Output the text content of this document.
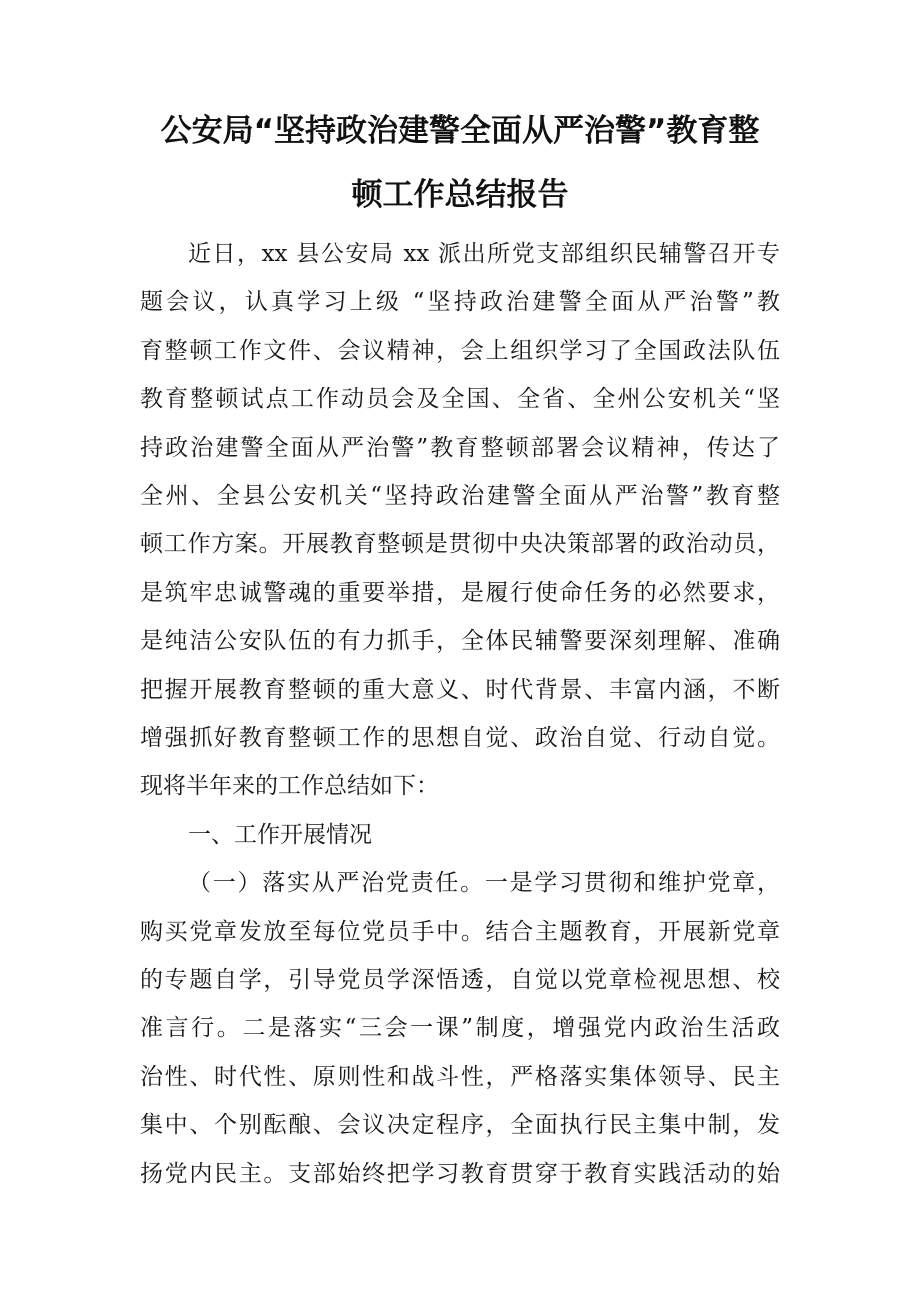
公安局“坚持政治建警全面从严治警”教育整
顿工作总结报告
近日，xx 县公安局 xx 派出所党支部组织民辅警召开专
题会议，认真学习上级 “坚持政治建警全面从严治警”教
育整顿工作文件、会议精神，会上组织学习了全国政法队伍
教育整顿试点工作动员会及全国、全省、全州公安机关“坚
持政治建警全面从严治警”教育整顿部署会议精神，传达了
全州、全县公安机关“坚持政治建警全面从严治警”教育整
顿工作方案。开展教育整顿是贯彻中央决策部署的政治动员，
是筑牢忠诚警魂的重要举措，是履行使命任务的必然要求，
是纯洁公安队伍的有力抓手，全体民辅警要深刻理解、准确
把握开展教育整顿的重大意义、时代背景、丰富内涵，不断
增强抓好教育整顿工作的思想自觉、政治自觉、行动自觉。
现将半年来的工作总结如下：
一、工作开展情况
（一）落实从严治党责任。一是学习贯彻和维护党章，
购买党章发放至每位党员手中。结合主题教育，开展新党章
的专题自学，引导党员学深悟透，自觉以党章检视思想、校
准言行。二是落实“三会一课”制度，增强党内政治生活政
治性、时代性、原则性和战斗性，严格落实集体领导、民主
集中、个别酝酿、会议决定程序，全面执行民主集中制，发
扬党内民主。支部始终把学习教育贯穿于教育实践活动的始
